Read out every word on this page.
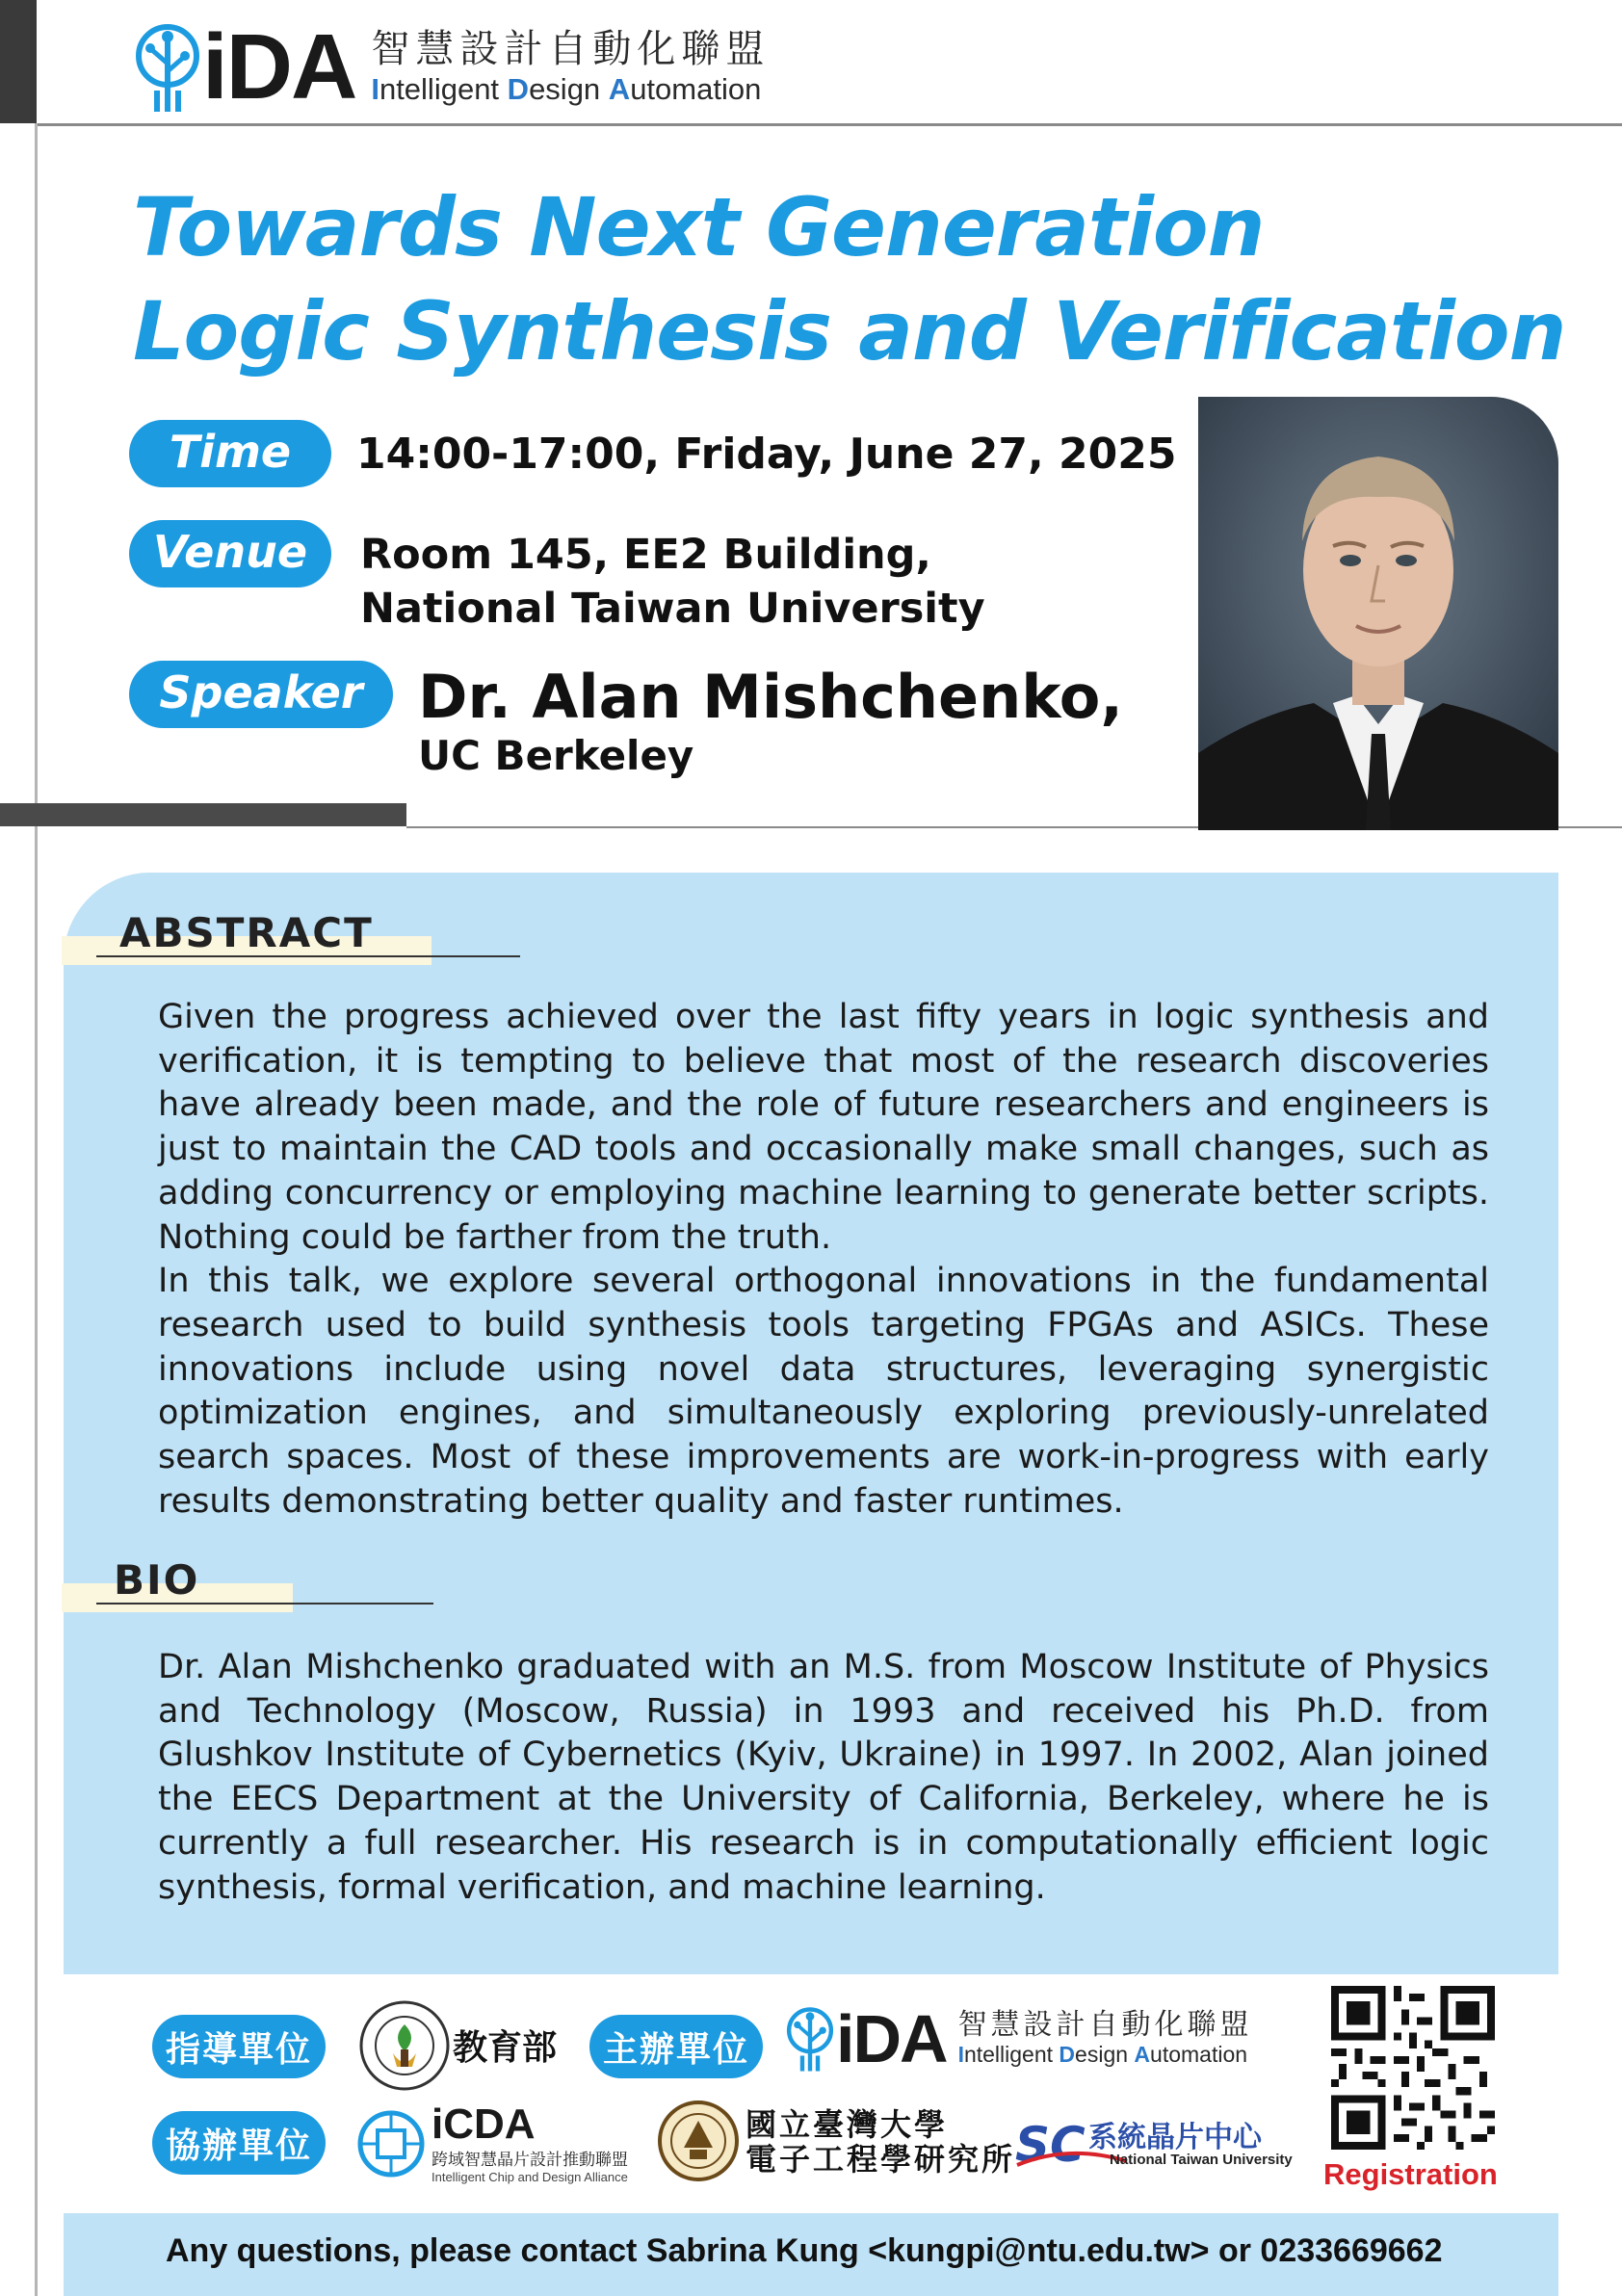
iDA 智慧設計自動化聯盟
Intelligent Design Automation
Towards Next Generation
Logic Synthesis and Verification
Time	14:00-17:00, Friday, June 27, 2025
Venue	Room 145, EE2 Building,
National Taiwan University
Speaker Dr. Alan Mishchenko,
UC Berkeley
ABSTRACT

Given the progress achieved over the last fifty years in logic synthesis and verification, it is tempting to believe that most of the research discoveries have already been made, and the role of future researchers and engineers is just to maintain the CAD tools and occasionally make small changes, such as adding concurrency or employing machine learning to generate better scripts. Nothing could be farther from the truth.

In this talk, we explore several orthogonal innovations in the fundamental research used to build synthesis tools targeting FPGAs and ASICs. These innovations include using novel data structures, leveraging synergistic optimization engines, and simultaneously exploring previously-unrelated search spaces. Most of these improvements are work-in-progress with early results demonstrating better quality and faster runtimes.

BIO

Dr. Alan Mishchenko graduated with an M.S. from Moscow Institute of Physics and Technology (Moscow, Russia) in 1993 and received his Ph.D. from Glushkov Institute of Cybernetics (Kyiv, Ukraine) in 1997. In 2002, Alan joined the EECS Department at the University of California, Berkeley, where he is currently a full researcher. His research is in computationally efficient logic synthesis, formal verification, and machine learning.

指導單位	教育部	主辦單位 iDA 智慧設計自動化聯盟
Intelligent Design Automation
協辦單位	iCDA
跨域智慧晶片設計推動聯盟
Intelligent Chip and Design Alliance
國立臺灣大學
電子工程學研究所 SC 系統晶片中心
National Taiwan University Registration
Any questions, please contact Sabrina Kung <kungpi@ntu.edu.tw> or 0233669662
